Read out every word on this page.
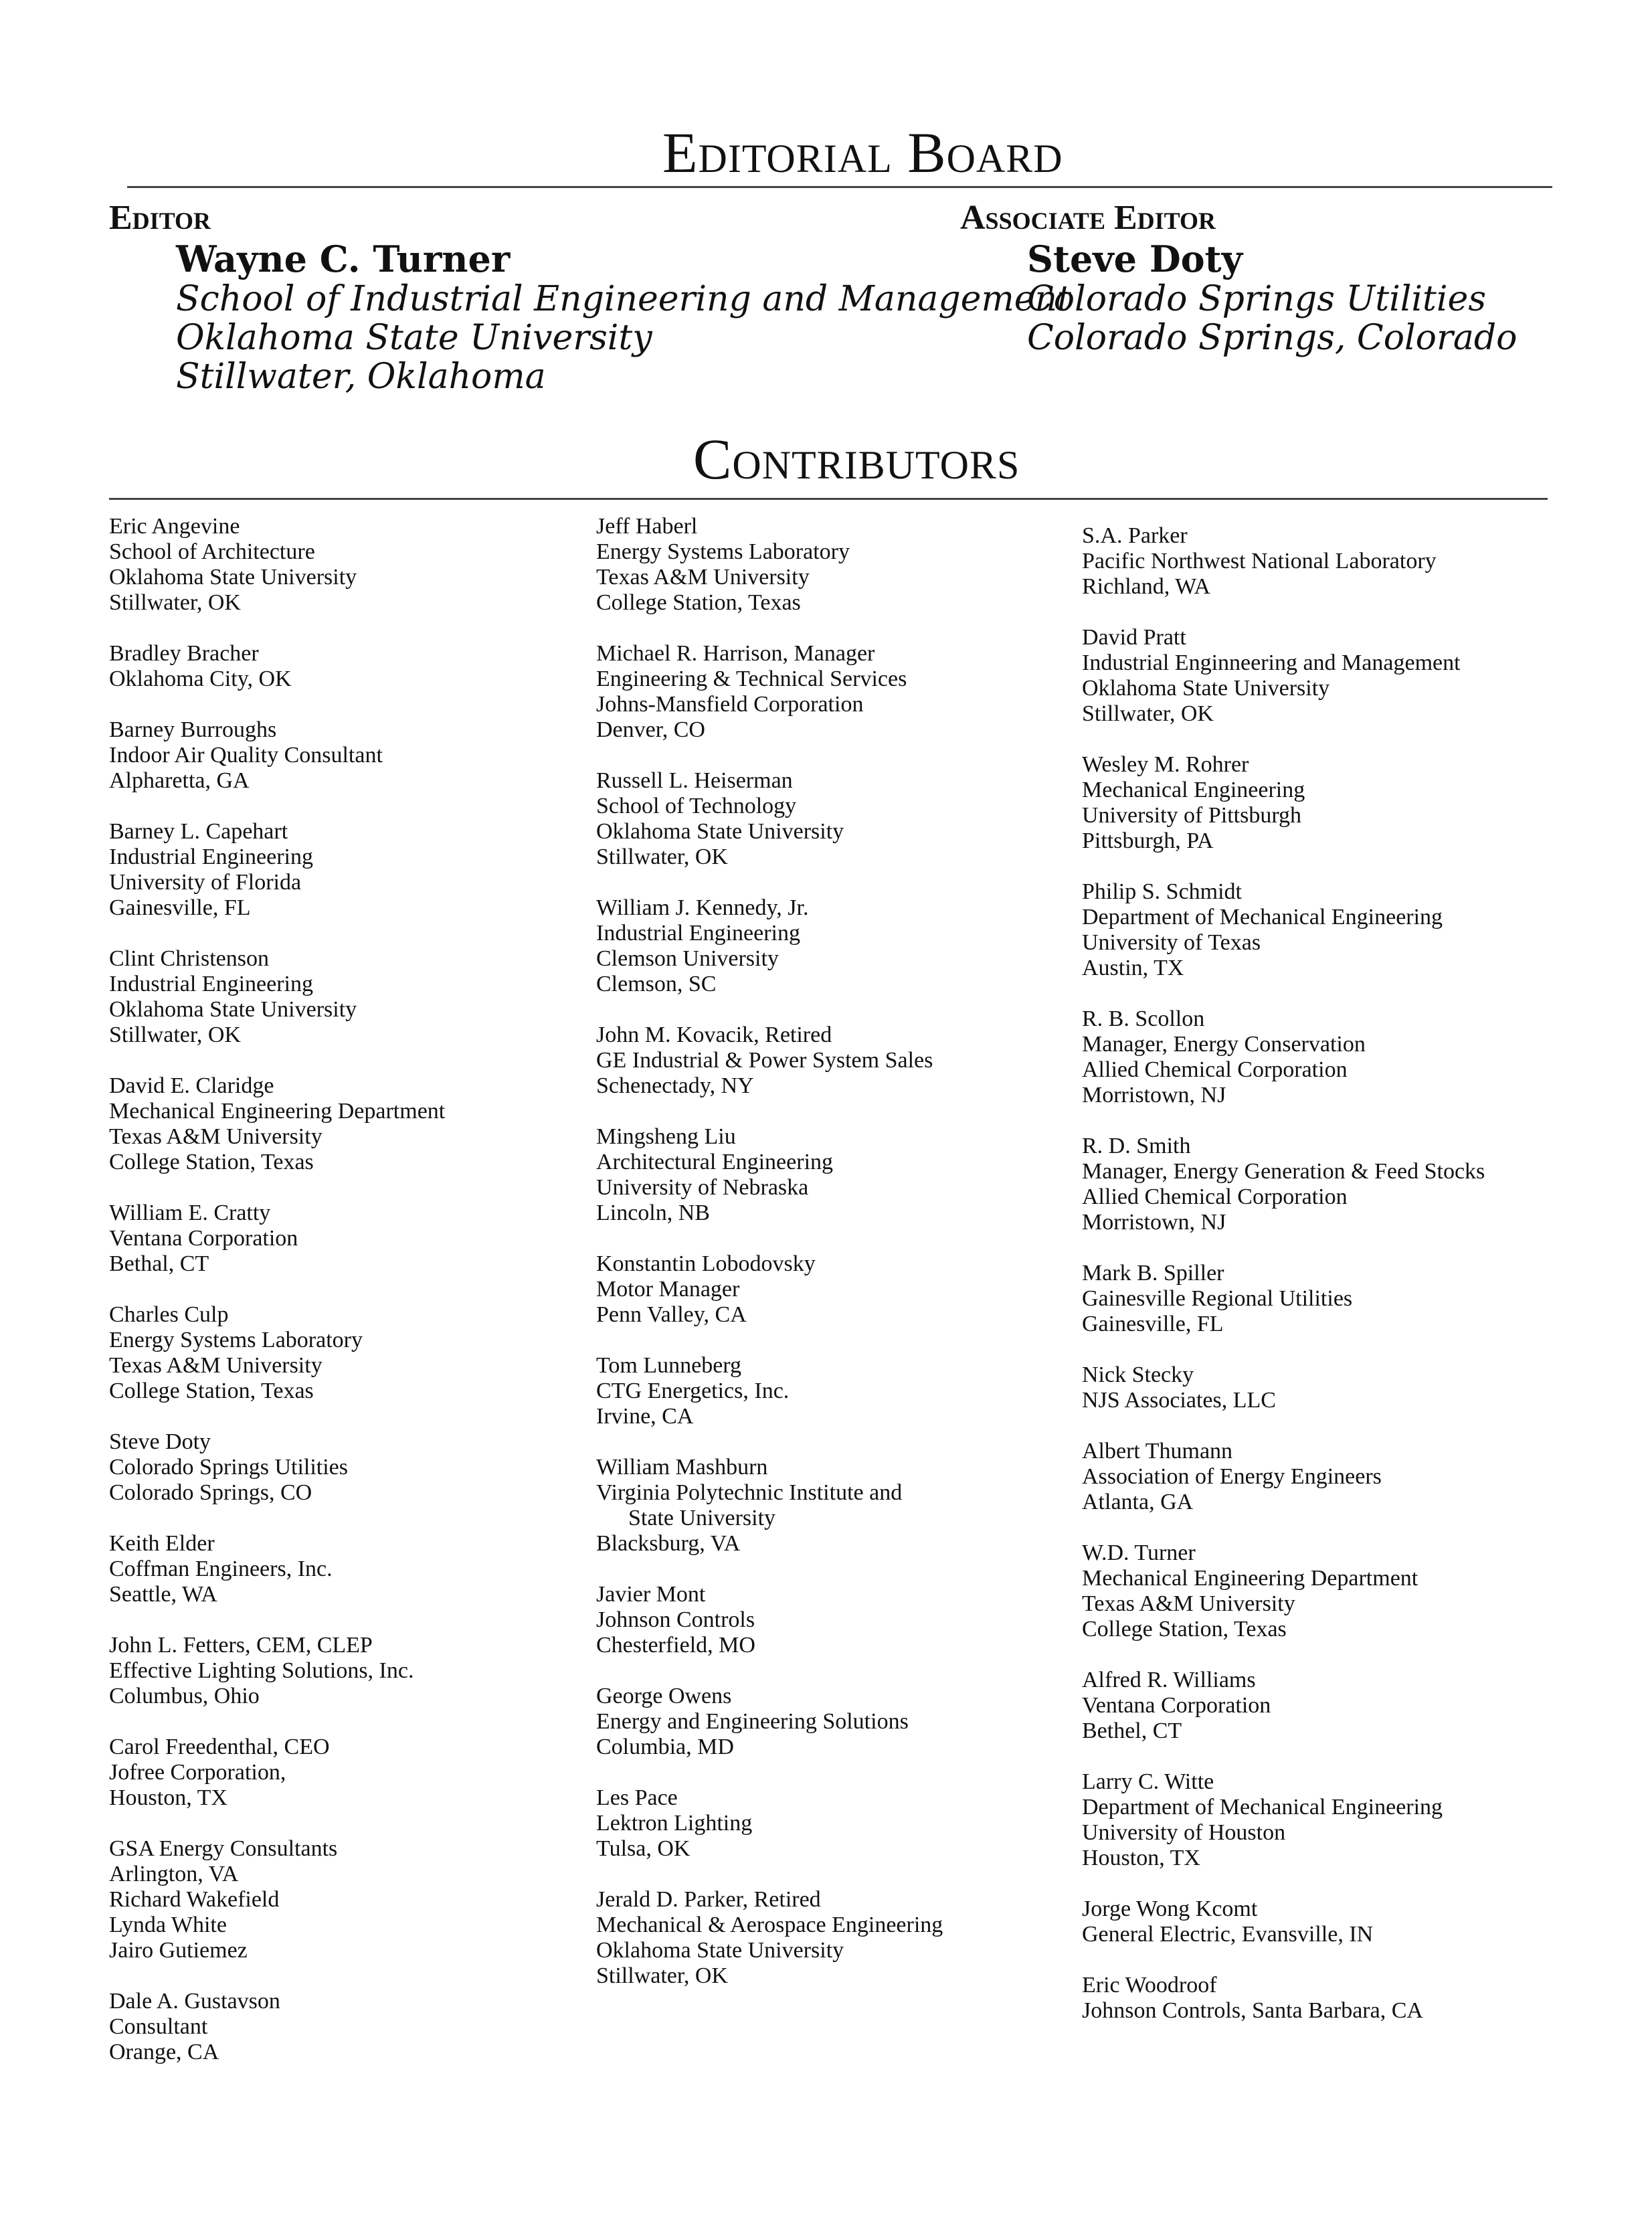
Editorial Board
Editor
Wayne C. Turner
School of Industrial Engineering and Management
Oklahoma State University
Stillwater, Oklahoma
Associate Editor
Steve Doty
Colorado Springs Utilities
Colorado Springs, Colorado
Contributors
Eric Angevine
School of Architecture
Oklahoma State University
Stillwater, OK
Bradley Bracher
Oklahoma City, OK
Barney Burroughs
Indoor Air Quality Consultant
Alpharetta, GA
Barney L. Capehart
Industrial Engineering
University of Florida
Gainesville, FL
Clint Christenson
Industrial Engineering
Oklahoma State University
Stillwater, OK
David E. Claridge
Mechanical Engineering Department
Texas A&M University
College Station, Texas
William E. Cratty
Ventana Corporation
Bethal, CT
Charles Culp
Energy Systems Laboratory
Texas A&M University
College Station, Texas
Steve Doty
Colorado Springs Utilities
Colorado Springs, CO
Keith Elder
Coffman Engineers, Inc.
Seattle, WA
John L. Fetters, CEM, CLEP
Effective Lighting Solutions, Inc.
Columbus, Ohio
Carol Freedenthal, CEO
Jofree Corporation,
Houston, TX
GSA Energy Consultants
Arlington, VA
Richard Wakefield
Lynda White
Jairo Gutiemez
Dale A. Gustavson
Consultant
Orange, CA
Jeff Haberl
Energy Systems Laboratory
Texas A&M University
College Station, Texas
Michael R. Harrison, Manager
Engineering & Technical Services
Johns-Mansfield Corporation
Denver, CO
Russell L. Heiserman
School of Technology
Oklahoma State University
Stillwater, OK
William J. Kennedy, Jr.
Industrial Engineering
Clemson University
Clemson, SC
John M. Kovacik, Retired
GE Industrial & Power System Sales
Schenectady, NY
Mingsheng Liu
Architectural Engineering
University of Nebraska
Lincoln, NB
Konstantin Lobodovsky
Motor Manager
Penn Valley, CA
Tom Lunneberg
CTG Energetics, Inc.
Irvine, CA
William Mashburn
Virginia Polytechnic Institute and
State University
Blacksburg, VA
Javier Mont
Johnson Controls
Chesterfield, MO
George Owens
Energy and Engineering Solutions
Columbia, MD
Les Pace
Lektron Lighting
Tulsa, OK
Jerald D. Parker, Retired
Mechanical & Aerospace Engineering
Oklahoma State University
Stillwater, OK
S.A. Parker
Pacific Northwest National Laboratory
Richland, WA
David Pratt
Industrial Enginneering and Management
Oklahoma State University
Stillwater, OK
Wesley M. Rohrer
Mechanical Engineering
University of Pittsburgh
Pittsburgh, PA
Philip S. Schmidt
Department of Mechanical Engineering
University of Texas
Austin, TX
R. B. Scollon
Manager, Energy Conservation
Allied Chemical Corporation
Morristown, NJ
R. D. Smith
Manager, Energy Generation & Feed Stocks
Allied Chemical Corporation
Morristown, NJ
Mark B. Spiller
Gainesville Regional Utilities
Gainesville, FL
Nick Stecky
NJS Associates, LLC
Albert Thumann
Association of Energy Engineers
Atlanta, GA
W.D. Turner
Mechanical Engineering Department
Texas A&M University
College Station, Texas
Alfred R. Williams
Ventana Corporation
Bethel, CT
Larry C. Witte
Department of Mechanical Engineering
University of Houston
Houston, TX
Jorge Wong Kcomt
General Electric, Evansville, IN
Eric Woodroof
Johnson Controls, Santa Barbara, CA
